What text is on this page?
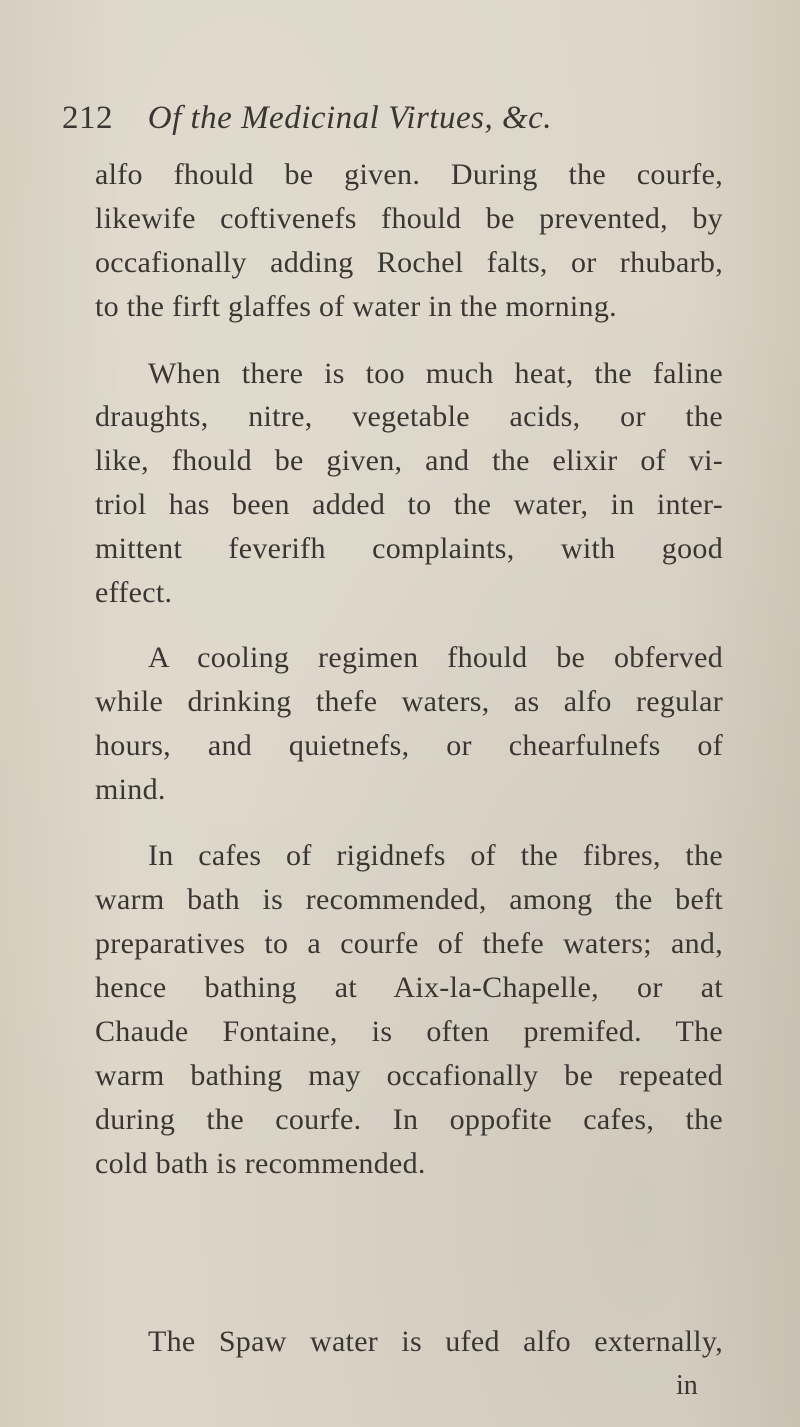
212 Of the Medicinal Virtues, &c.
alfo fhould be given. During the courfe,
likewife coftivenefs fhould be prevented, by
occafionally adding Rochel falts, or rhubarb,
to the firft glaffes of water in the morning.
When there is too much heat, the faline
draughts, nitre, vegetable acids, or the
like, fhould be given, and the elixir of vi-
triol has been added to the water, in inter-
mittent feverifh complaints, with good
effect.
A cooling regimen fhould be obferved
while drinking thefe waters, as alfo regular
hours, and quietnefs, or chearfulnefs of
mind.
In cafes of rigidnefs of the fibres, the
warm bath is recommended, among the beft
preparatives to a courfe of thefe waters; and,
hence bathing at Aix-la-Chapelle, or at
Chaude Fontaine, is often premifed. The
warm bathing may occafionally be repeated
during the courfe. In oppofite cafes, the
cold bath is recommended.
The Spaw water is ufed alfo externally,
in
